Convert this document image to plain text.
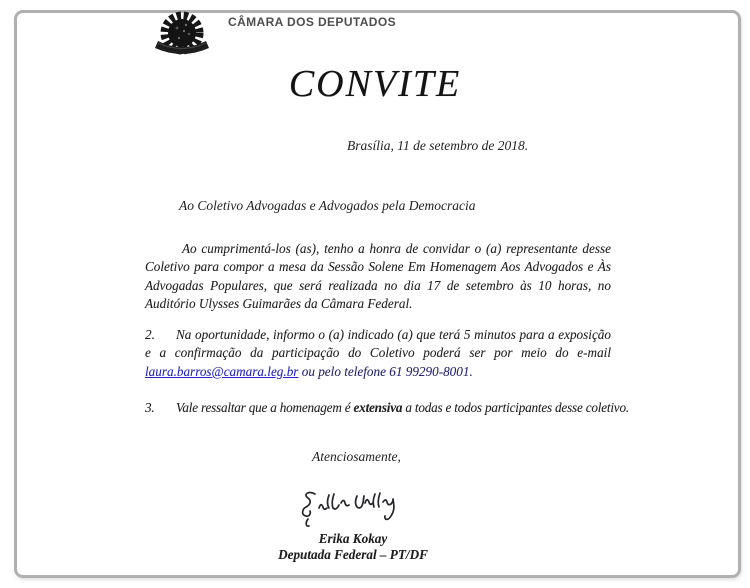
CÂMARA DOS DEPUTADOS
CONVITE
Brasília, 11 de setembro de 2018.
Ao Coletivo Advogadas e Advogados pela Democracia
Ao cumprimentá-los (as), tenho a honra de convidar o (a) representante desse Coletivo para compor a mesa da Sessão Solene Em Homenagem Aos Advogados e Às Advogadas Populares, que será realizada no dia 17 de setembro às 10 horas, no Auditório Ulysses Guimarães da Câmara Federal.
2. Na oportunidade, informo o (a) indicado (a) que terá 5 minutos para a exposição e a confirmação da participação do Coletivo poderá ser por meio do e-mail laura.barros@camara.leg.br ou pelo telefone 61 99290-8001.
3. Vale ressaltar que a homenagem é extensiva a todas e todos participantes desse coletivo.
Atenciosamente,
Erika Kokay
Deputada Federal – PT/DF
